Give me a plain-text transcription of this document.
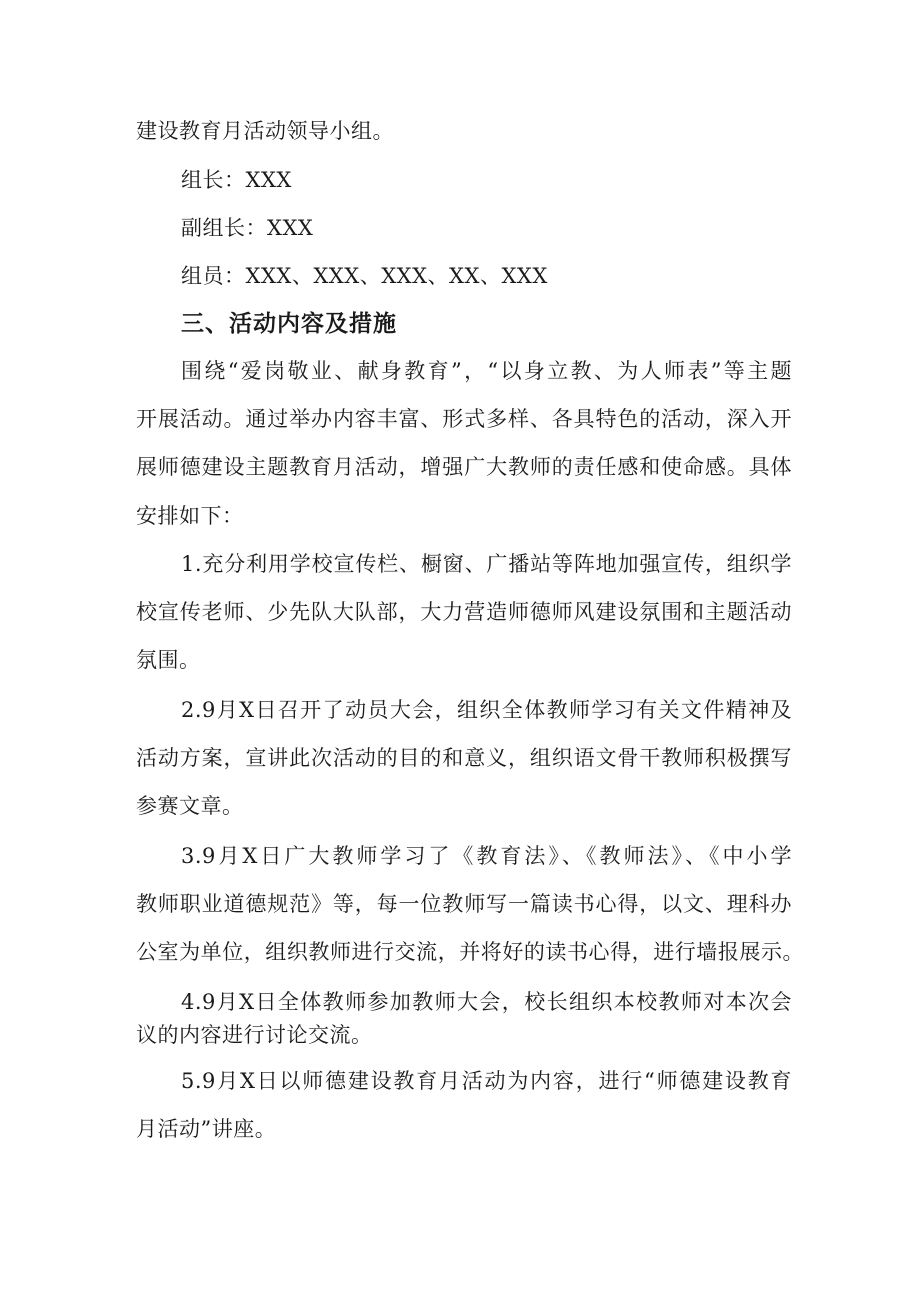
建设教育月活动领导小组。
组长：XXX
副组长：XXX
组员：XXX、XXX、XXX、XX、XXX
三、活动内容及措施
围绕“爱岗敬业、献身教育”，“以身立教、为人师表”等主题
开展活动。通过举办内容丰富、形式多样、各具特色的活动，深入开
展师德建设主题教育月活动，增强广大教师的责任感和使命感。具体
安排如下：
1.充分利用学校宣传栏、橱窗、广播站等阵地加强宣传，组织学
校宣传老师、少先队大队部，大力营造师德师风建设氛围和主题活动
氛围。
2.9月X日召开了动员大会，组织全体教师学习有关文件精神及
活动方案，宣讲此次活动的目的和意义，组织语文骨干教师积极撰写
参赛文章。
3.9月X日广大教师学习了《教育法》、《教师法》、《中小学
教师职业道德规范》等，每一位教师写一篇读书心得，以文、理科办
公室为单位，组织教师进行交流，并将好的读书心得，进行墙报展示。
4.9月X日全体教师参加教师大会，校长组织本校教师对本次会
议的内容进行讨论交流。
5.9月X日以师德建设教育月活动为内容，进行“师德建设教育
月活动”讲座。
